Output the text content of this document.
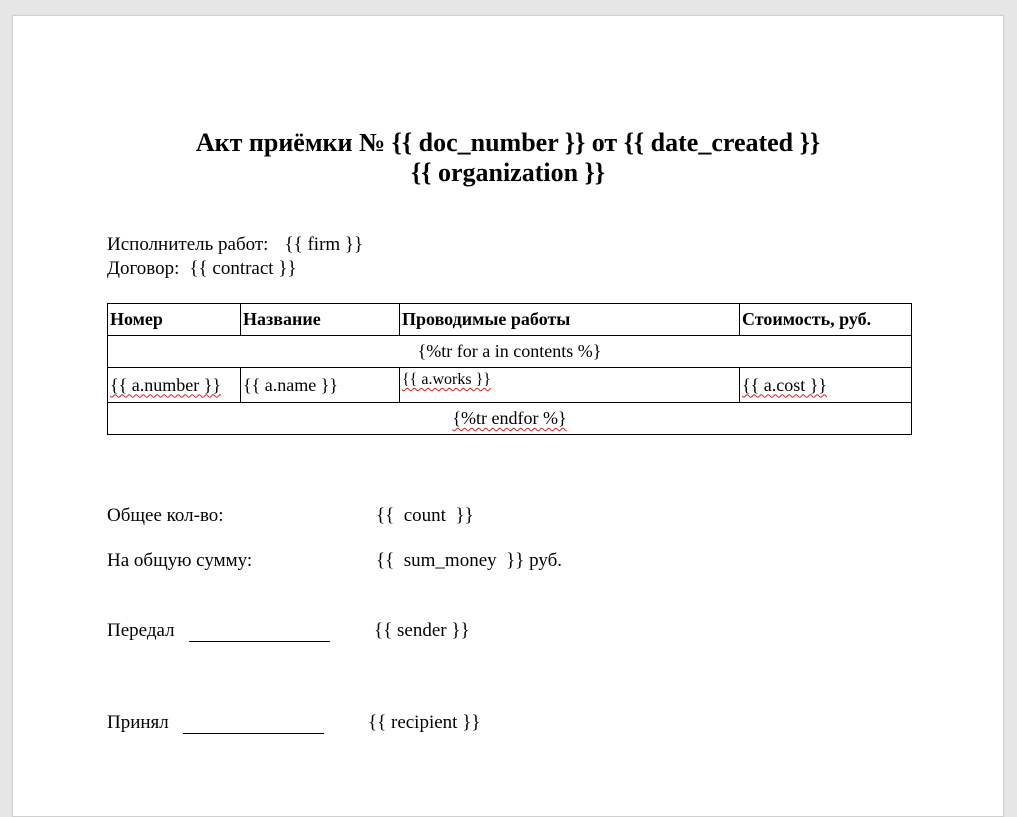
Акт приёмки № {{ doc_number }} от {{ date_created }}
{{ organization }}
Исполнитель работ: {{ firm }}
Договор: {{ contract }}
Номер	Название	Проводимые работы	Стоимость, руб.
{%tr for a in contents %}			
{{ a.number }}	{{ a.name }}	{{ a.works }}	{{ a.cost }}
{%tr endfor %}			
Общее кол-во:	{{  count  }}
На общую сумму:	{{  sum_money  }} руб.
Передал	{{ sender }}
Принял	{{ recipient }}
